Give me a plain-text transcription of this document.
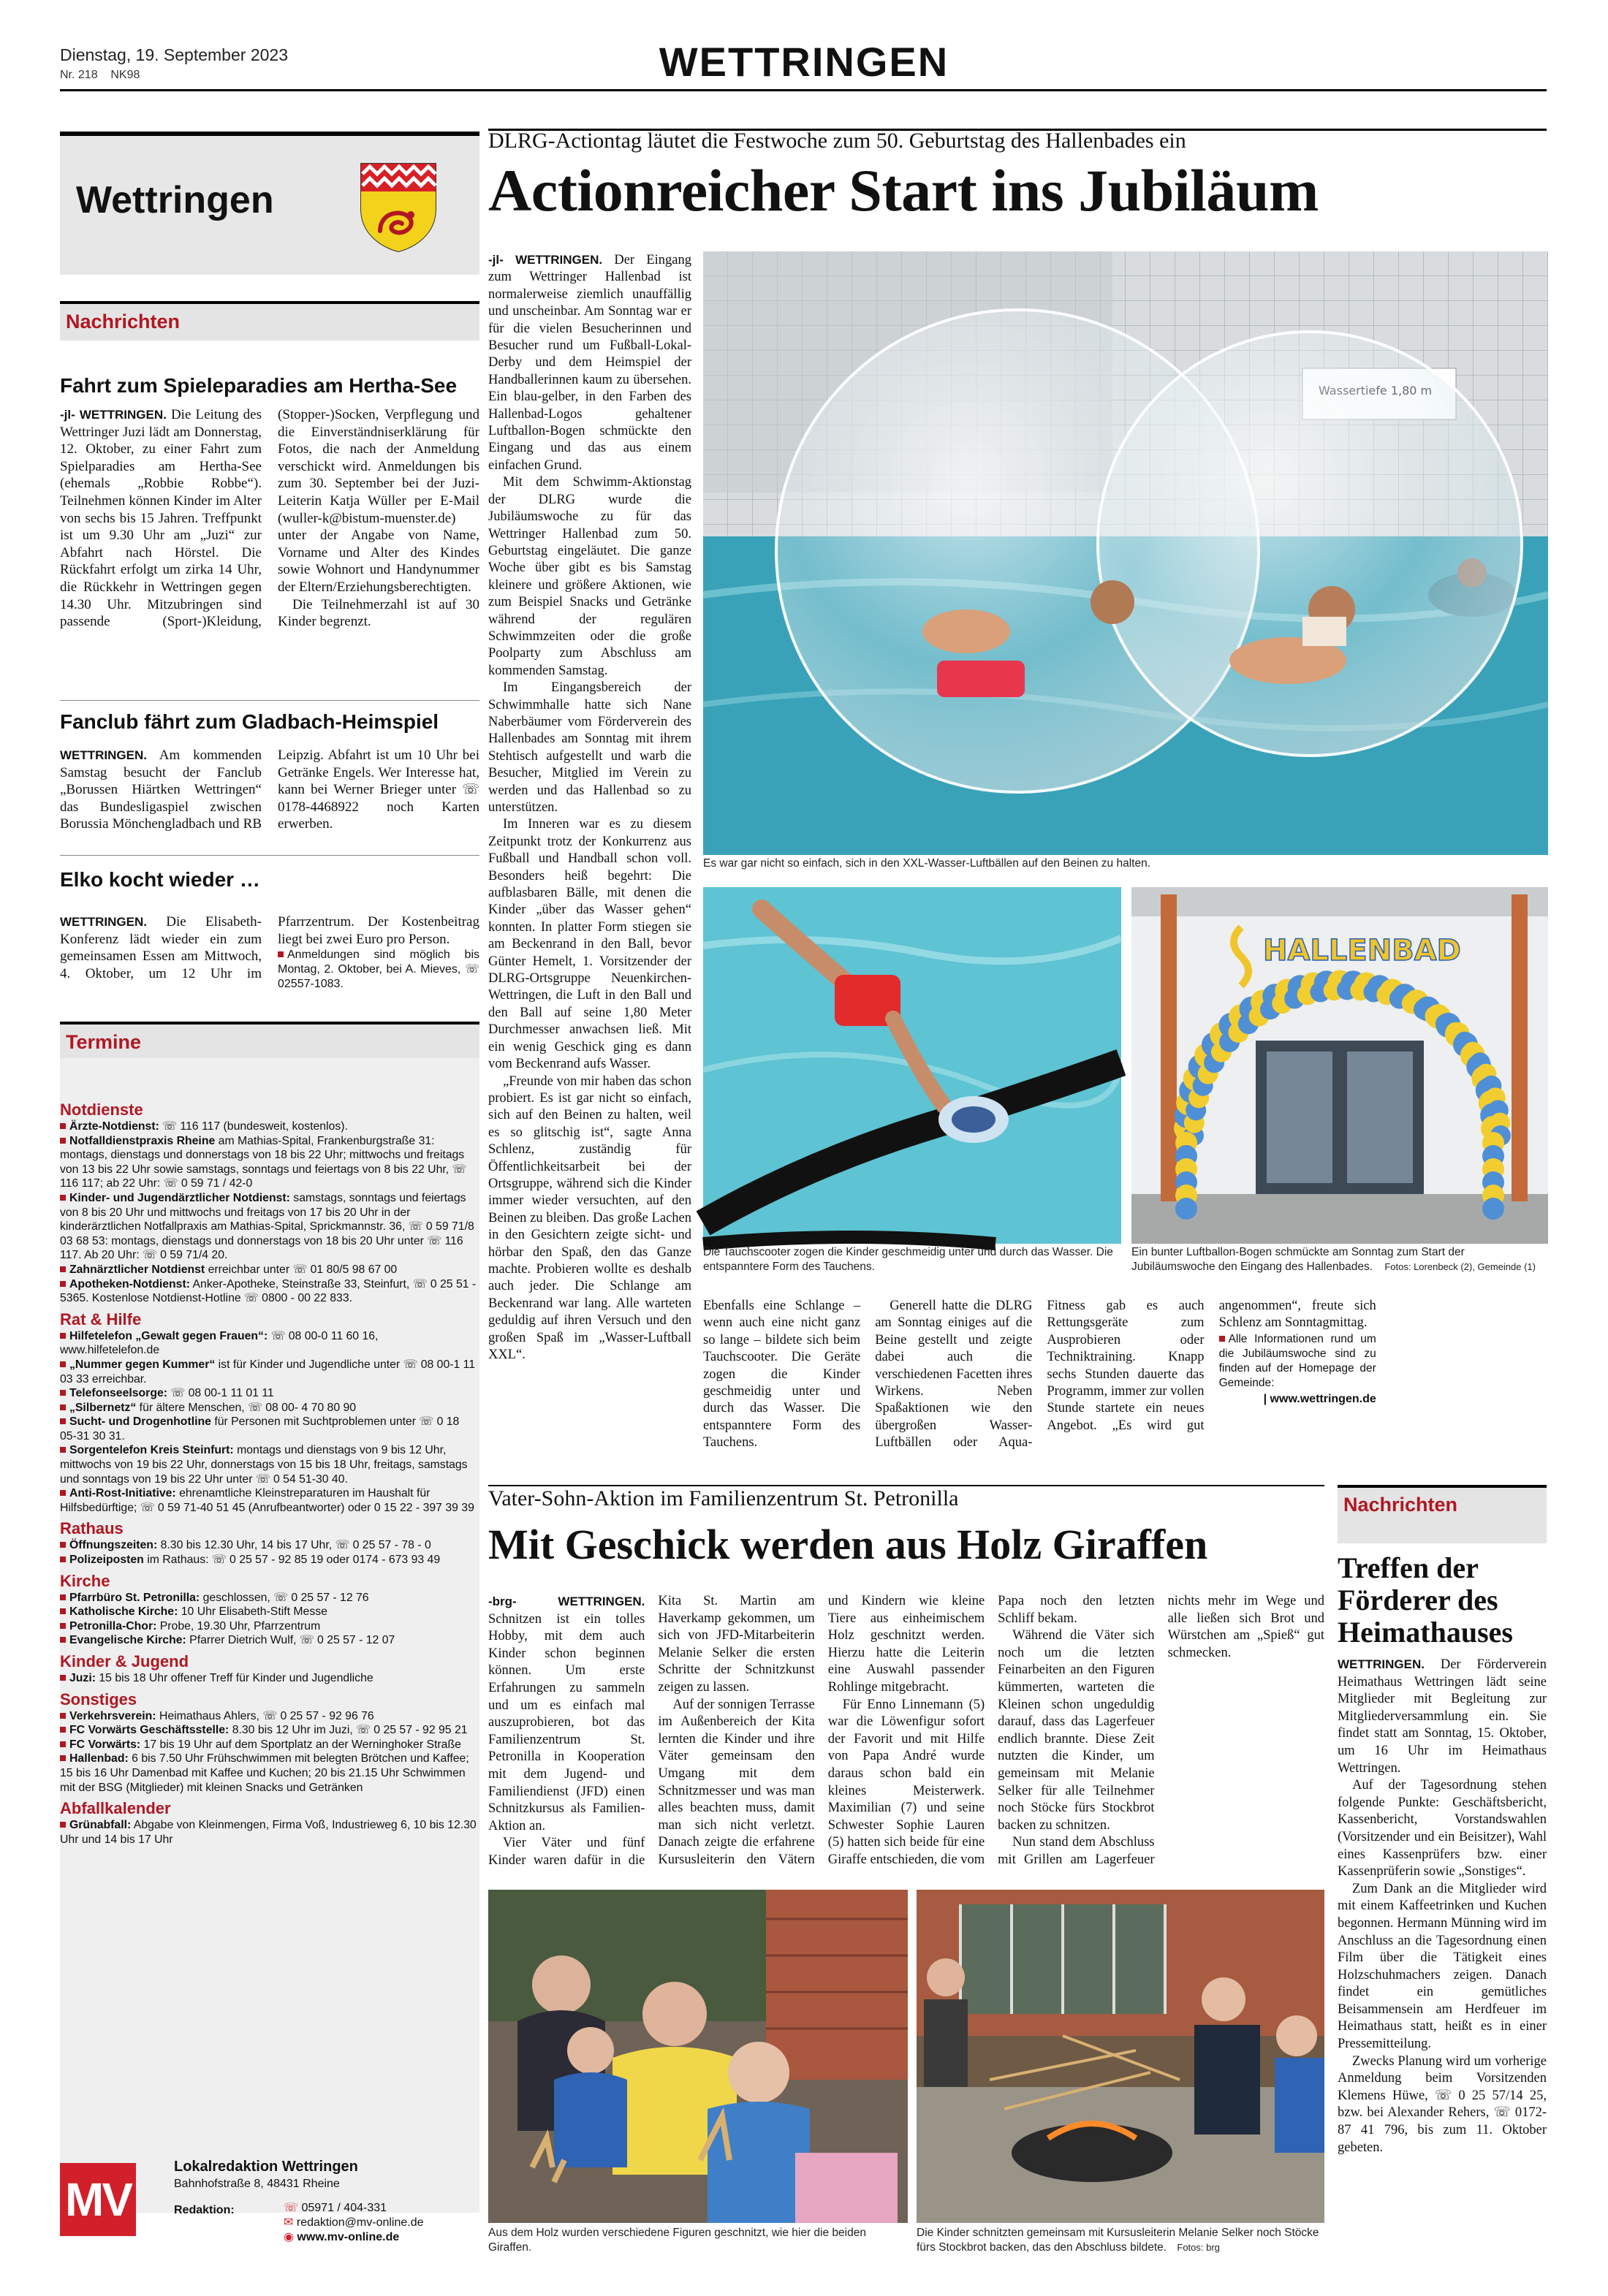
Dienstag, 19. September 2023
Nr. 218 NK98	WETTRINGEN
Wettringen
Nachrichten
Fahrt zum Spieleparadies am Hertha-See

-jl- WETTRINGEN. Die Leitung des Wettringer Juzi lädt am Donnerstag, 12. Oktober, zu einer Fahrt zum Spielparadies am Hertha-See (ehemals „Robbie Robbe“). Teilnehmen können Kinder im Alter von sechs bis 15 Jahren. Treffpunkt ist um 9.30 Uhr am „Juzi“ zur Abfahrt nach Hörstel. Die Rückfahrt erfolgt um zirka 14 Uhr, die Rückkehr in Wettringen gegen 14.30 Uhr. Mitzubringen sind passende (Sport-)Kleidung, (Stopper-)Socken, Verpflegung und die Einverständniserklärung für Fotos, die nach der Anmeldung verschickt wird. Anmeldungen bis zum 30. September bei der Juzi-Leiterin Katja Wüller per E-Mail (wuller-k@bistum-muenster.de) unter der Angabe von Name, Vorname und Alter des Kindes sowie Wohnort und Handynummer der Eltern/Erziehungsberechtigten.

Die Teilnehmerzahl ist auf 30 Kinder begrenzt.

Fanclub fährt zum Gladbach-Heimspiel

WETTRINGEN. Am kommenden Samstag besucht der Fanclub „Borussen Hiärtken Wettringen“ das Bundesligaspiel zwischen Borussia Mönchengladbach und RB Leipzig. Abfahrt ist um 10 Uhr bei Getränke Engels. Wer Interesse hat, kann bei Werner Brieger unter ☏ 0178-4468922 noch Karten erwerben.

Elko kocht wieder …

WETTRINGEN. Die Elisabeth-Konferenz lädt wieder ein zum gemeinsamen Essen am Mittwoch, 4. Oktober, um 12 Uhr im Pfarrzentrum. Der Kostenbeitrag liegt bei zwei Euro pro Person.

Anmeldungen sind möglich bis Montag, 2. Oktober, bei A. Mieves, ☏ 02557-1083.

Termine
Notdienste
Ärzte-Notdienst: ☏ 116 117 (bundesweit, kostenlos).
Notfalldienstpraxis Rheine am Mathias-Spital, Frankenburgstraße 31: montags, dienstags und donnerstags von 18 bis 22 Uhr; mittwochs und freitags von 13 bis 22 Uhr sowie samstags, sonntags und feiertags von 8 bis 22 Uhr, ☏ 116 117; ab 22 Uhr: ☏ 0 59 71 / 42-0
Kinder- und Jugendärztlicher Notdienst: samstags, sonntags und feiertags von 8 bis 20 Uhr und mittwochs und freitags von 17 bis 20 Uhr in der kinderärztlichen Notfallpraxis am Mathias-Spital, Sprickmannstr. 36, ☏ 0 59 71/8 03 68 53: montags, dienstags und donnerstags von 18 bis 20 Uhr unter ☏ 116 117. Ab 20 Uhr: ☏ 0 59 71/4 20.
Zahnärztlicher Notdienst erreichbar unter ☏ 01 80/5 98 67 00
Apotheken-Notdienst: Anker-Apotheke, Steinstraße 33, Steinfurt, ☏ 0 25 51 - 5365. Kostenlose Notdienst-Hotline ☏ 0800 - 00 22 833.
Rat & Hilfe
Hilfetelefon „Gewalt gegen Frauen“: ☏ 08 00-0 11 60 16, www.hilfetelefon.de
„Nummer gegen Kummer“ ist für Kinder und Jugendliche unter ☏ 08 00-1 11 03 33 erreichbar.
Telefonseelsorge: ☏ 08 00-1 11 01 11
„Silbernetz“ für ältere Menschen, ☏ 08 00- 4 70 80 90
Sucht- und Drogenhotline für Personen mit Suchtproblemen unter ☏ 0 18 05-31 30 31.
Sorgentelefon Kreis Steinfurt: montags und dienstags von 9 bis 12 Uhr, mittwochs von 19 bis 22 Uhr, donnerstags von 15 bis 18 Uhr, freitags, samstags und sonntags von 19 bis 22 Uhr unter ☏ 0 54 51-30 40.
Anti-Rost-Initiative: ehrenamtliche Kleinstreparaturen im Haushalt für Hilfsbedürftige; ☏ 0 59 71-40 51 45 (Anrufbeantworter) oder 0 15 22 - 397 39 39
Rathaus
Öffnungszeiten: 8.30 bis 12.30 Uhr, 14 bis 17 Uhr, ☏ 0 25 57 - 78 - 0
Polizeiposten im Rathaus: ☏ 0 25 57 - 92 85 19 oder 0174 - 673 93 49
Kirche
Pfarrbüro St. Petronilla: geschlossen, ☏ 0 25 57 - 12 76
Katholische Kirche: 10 Uhr Elisabeth-Stift Messe
Petronilla-Chor: Probe, 19.30 Uhr, Pfarrzentrum
Evangelische Kirche: Pfarrer Dietrich Wulf, ☏ 0 25 57 - 12 07
Kinder & Jugend
Juzi: 15 bis 18 Uhr offener Treff für Kinder und Jugendliche
Sonstiges
Verkehrsverein: Heimathaus Ahlers, ☏ 0 25 57 - 92 96 76
FC Vorwärts Geschäftsstelle: 8.30 bis 12 Uhr im Juzi, ☏ 0 25 57 - 92 95 21
FC Vorwärts: 17 bis 19 Uhr auf dem Sportplatz an der Werninghoker Straße
Hallenbad: 6 bis 7.50 Uhr Frühschwimmen mit belegten Brötchen und Kaffee; 15 bis 16 Uhr Damenbad mit Kaffee und Kuchen; 20 bis 21.15 Uhr Schwimmen mit der BSG (Mitglieder) mit kleinen Snacks und Getränken
Abfallkalender
Grünabfall: Abgabe von Kleinmengen, Firma Voß, Industrieweg 6, 10 bis 12.30 Uhr und 14 bis 17 Uhr
MV
Lokalredaktion Wettringen
Bahnhofstraße 8, 48431 Rheine
Redaktion:	☏ 05971 / 404-331
✉ redaktion@mv-online.de
◉ www.mv-online.de
DLRG-Actiontag läutet die Festwoche zum 50. Geburtstag des Hallenbades ein
Actionreicher Start ins Jubiläum

-jl- WETTRINGEN. Der Eingang zum Wettringer Hallenbad ist normalerweise ziemlich unauffällig und unscheinbar. Am Sonntag war er für die vielen Besucherinnen und Besucher rund um Fußball-Lokal-Derby und dem Heimspiel der Handballerinnen kaum zu übersehen. Ein blau-gelber, in den Farben des Hallenbad-Logos gehaltener Luftballon-Bogen schmückte den Eingang und das aus einem einfachen Grund.

Mit dem Schwimm-Aktionstag der DLRG wurde die Jubiläumswoche zu für das Wettringer Hallenbad zum 50. Geburtstag eingeläutet. Die ganze Woche über gibt es bis Samstag kleinere und größere Aktionen, wie zum Beispiel Snacks und Getränke während der regulären Schwimmzeiten oder die große Poolparty zum Abschluss am kommenden Samstag.

Im Eingangsbereich der Schwimmhalle hatte sich Nane Naberbäumer vom Förderverein des Hallenbades am Sonntag mit ihrem Stehtisch aufgestellt und warb die Besucher, Mitglied im Verein zu werden und das Hallenbad so zu unterstützen.

Im Inneren war es zu diesem Zeitpunkt trotz der Konkurrenz aus Fußball und Handball schon voll. Besonders heiß begehrt: Die aufblasbaren Bälle, mit denen die Kinder „über das Wasser gehen“ konnten. In platter Form stiegen sie am Beckenrand in den Ball, bevor Günter Hemelt, 1. Vorsitzender der DLRG-Ortsgruppe Neuenkirchen-Wettringen, die Luft in den Ball und den Ball auf seine 1,80 Meter Durchmesser anwachsen ließ. Mit ein wenig Geschick ging es dann vom Beckenrand aufs Wasser.

„Freunde von mir haben das schon probiert. Es ist gar nicht so einfach, sich auf den Beinen zu halten, weil es so glitschig ist“, sagte Anna Schlenz, zuständig für Öffentlichkeitsarbeit bei der Ortsgruppe, während sich die Kinder immer wieder versuchten, auf den Beinen zu bleiben. Das große Lachen in den Gesichtern zeigte sicht- und hörbar den Spaß, den das Ganze machte. Probieren wollte es deshalb auch jeder. Die Schlange am Beckenrand war lang. Alle warteten geduldig auf ihren Versuch und den großen Spaß im „Wasser-Luftball XXL“.

Es war gar nicht so einfach, sich in den XXL-Wasser-Luftbällen auf den Beinen zu halten.
Die Tauchscooter zogen die Kinder geschmeidig unter und durch das Wasser. Die entspanntere Form des Tauchens.
HALLENBAD
Ein bunter Luftballon-Bogen schmückte am Sonntag zum Start der Jubiläumswoche den Eingang des Hallenbades. Fotos: Lorenbeck (2), Gemeinde (1)

Ebenfalls eine Schlange – wenn auch eine nicht ganz so lange – bildete sich beim Tauchscooter. Die Geräte zogen die Kinder geschmeidig unter und durch das Wasser. Die entspanntere Form des Tauchens.

Generell hatte die DLRG am Sonntag einiges auf die Beine gestellt und zeigte dabei auch die verschiedenen Facetten ihres Wirkens. Neben Spaßaktionen wie den übergroßen Wasser-Luftbällen oder Aqua-Fitness gab es auch Rettungsgeräte zum Ausprobieren oder Techniktraining. Knapp sechs Stunden dauerte das Programm, immer zur vollen Stunde startete ein neues Angebot. „Es wird gut angenommen“, freute sich Schlenz am Sonntagmittag.

Alle Informationen rund um die Jubiläumswoche sind zu finden auf der Homepage der Gemeinde:

| www.wettringen.de

Vater-Sohn-Aktion im Familienzentrum St. Petronilla
Mit Geschick werden aus Holz Giraffen

-brg- WETTRINGEN. Schnitzen ist ein tolles Hobby, mit dem auch Kinder schon beginnen können. Um erste Erfahrungen zu sammeln und um es einfach mal auszuprobieren, bot das Familienzentrum St. Petronilla in Kooperation mit dem Jugend- und Familiendienst (JFD) einen Schnitzkursus als Familien-Aktion an.

Vier Väter und fünf Kinder waren dafür in die Kita St. Martin am Haverkamp gekommen, um sich von JFD-Mitarbeiterin Melanie Selker die ersten Schritte der Schnitzkunst zeigen zu lassen.

Auf der sonnigen Terrasse im Außenbereich der Kita lernten die Kinder und ihre Väter gemeinsam den Umgang mit dem Schnitzmesser und was man alles beachten muss, damit man sich nicht verletzt. Danach zeigte die erfahrene Kursusleiterin den Vätern und Kindern wie kleine Tiere aus einheimischem Holz geschnitzt werden. Hierzu hatte die Leiterin eine Auswahl passender Rohlinge mitgebracht.

Für Enno Linnemann (5) war die Löwenfigur sofort der Favorit und mit Hilfe von Papa André wurde daraus schon bald ein kleines Meisterwerk. Maximilian (7) und seine Schwester Sophie Lauren (5) hatten sich beide für eine Giraffe entschieden, die vom Papa noch den letzten Schliff bekam.

Während die Väter sich noch um die letzten Feinarbeiten an den Figuren kümmerten, warteten die Kleinen schon ungeduldig darauf, dass das Lagerfeuer endlich brannte. Diese Zeit nutzten die Kinder, um gemeinsam mit Melanie Selker für alle Teilnehmer noch Stöcke fürs Stockbrot backen zu schnitzen.

Nun stand dem Abschluss mit Grillen am Lagerfeuer nichts mehr im Wege und alle ließen sich Brot und Würstchen am „Spieß“ gut schmecken.

Aus dem Holz wurden verschiedene Figuren geschnitzt, wie hier die beiden Giraffen.
Die Kinder schnitzten gemeinsam mit Kursusleiterin Melanie Selker noch Stöcke fürs Stockbrot backen, das den Abschluss bildete. Fotos: brg
Nachrichten
Treffen der Förderer des Heimathauses

WETTRINGEN. Der Förderverein Heimathaus Wettringen lädt seine Mitglieder mit Begleitung zur Mitgliederversammlung ein. Sie findet statt am Sonntag, 15. Oktober, um 16 Uhr im Heimathaus Wettringen.

Auf der Tagesordnung stehen folgende Punkte: Geschäftsbericht, Kassenbericht, Vorstandswahlen (Vorsitzender und ein Beisitzer), Wahl eines Kassenprüfers bzw. einer Kassenprüferin sowie „Sonstiges“.

Zum Dank an die Mitglieder wird mit einem Kaffeetrinken und Kuchen begonnen. Hermann Münning wird im Anschluss an die Tagesordnung einen Film über die Tätigkeit eines Holzschuhmachers zeigen. Danach findet ein gemütliches Beisammensein am Herdfeuer im Heimathaus statt, heißt es in einer Pressemitteilung.

Zwecks Planung wird um vorherige Anmeldung beim Vorsitzenden Klemens Hüwe, ☏ 0 25 57/14 25, bzw. bei Alexander Rehers, ☏ 0172-87 41 796, bis zum 11. Oktober gebeten.
